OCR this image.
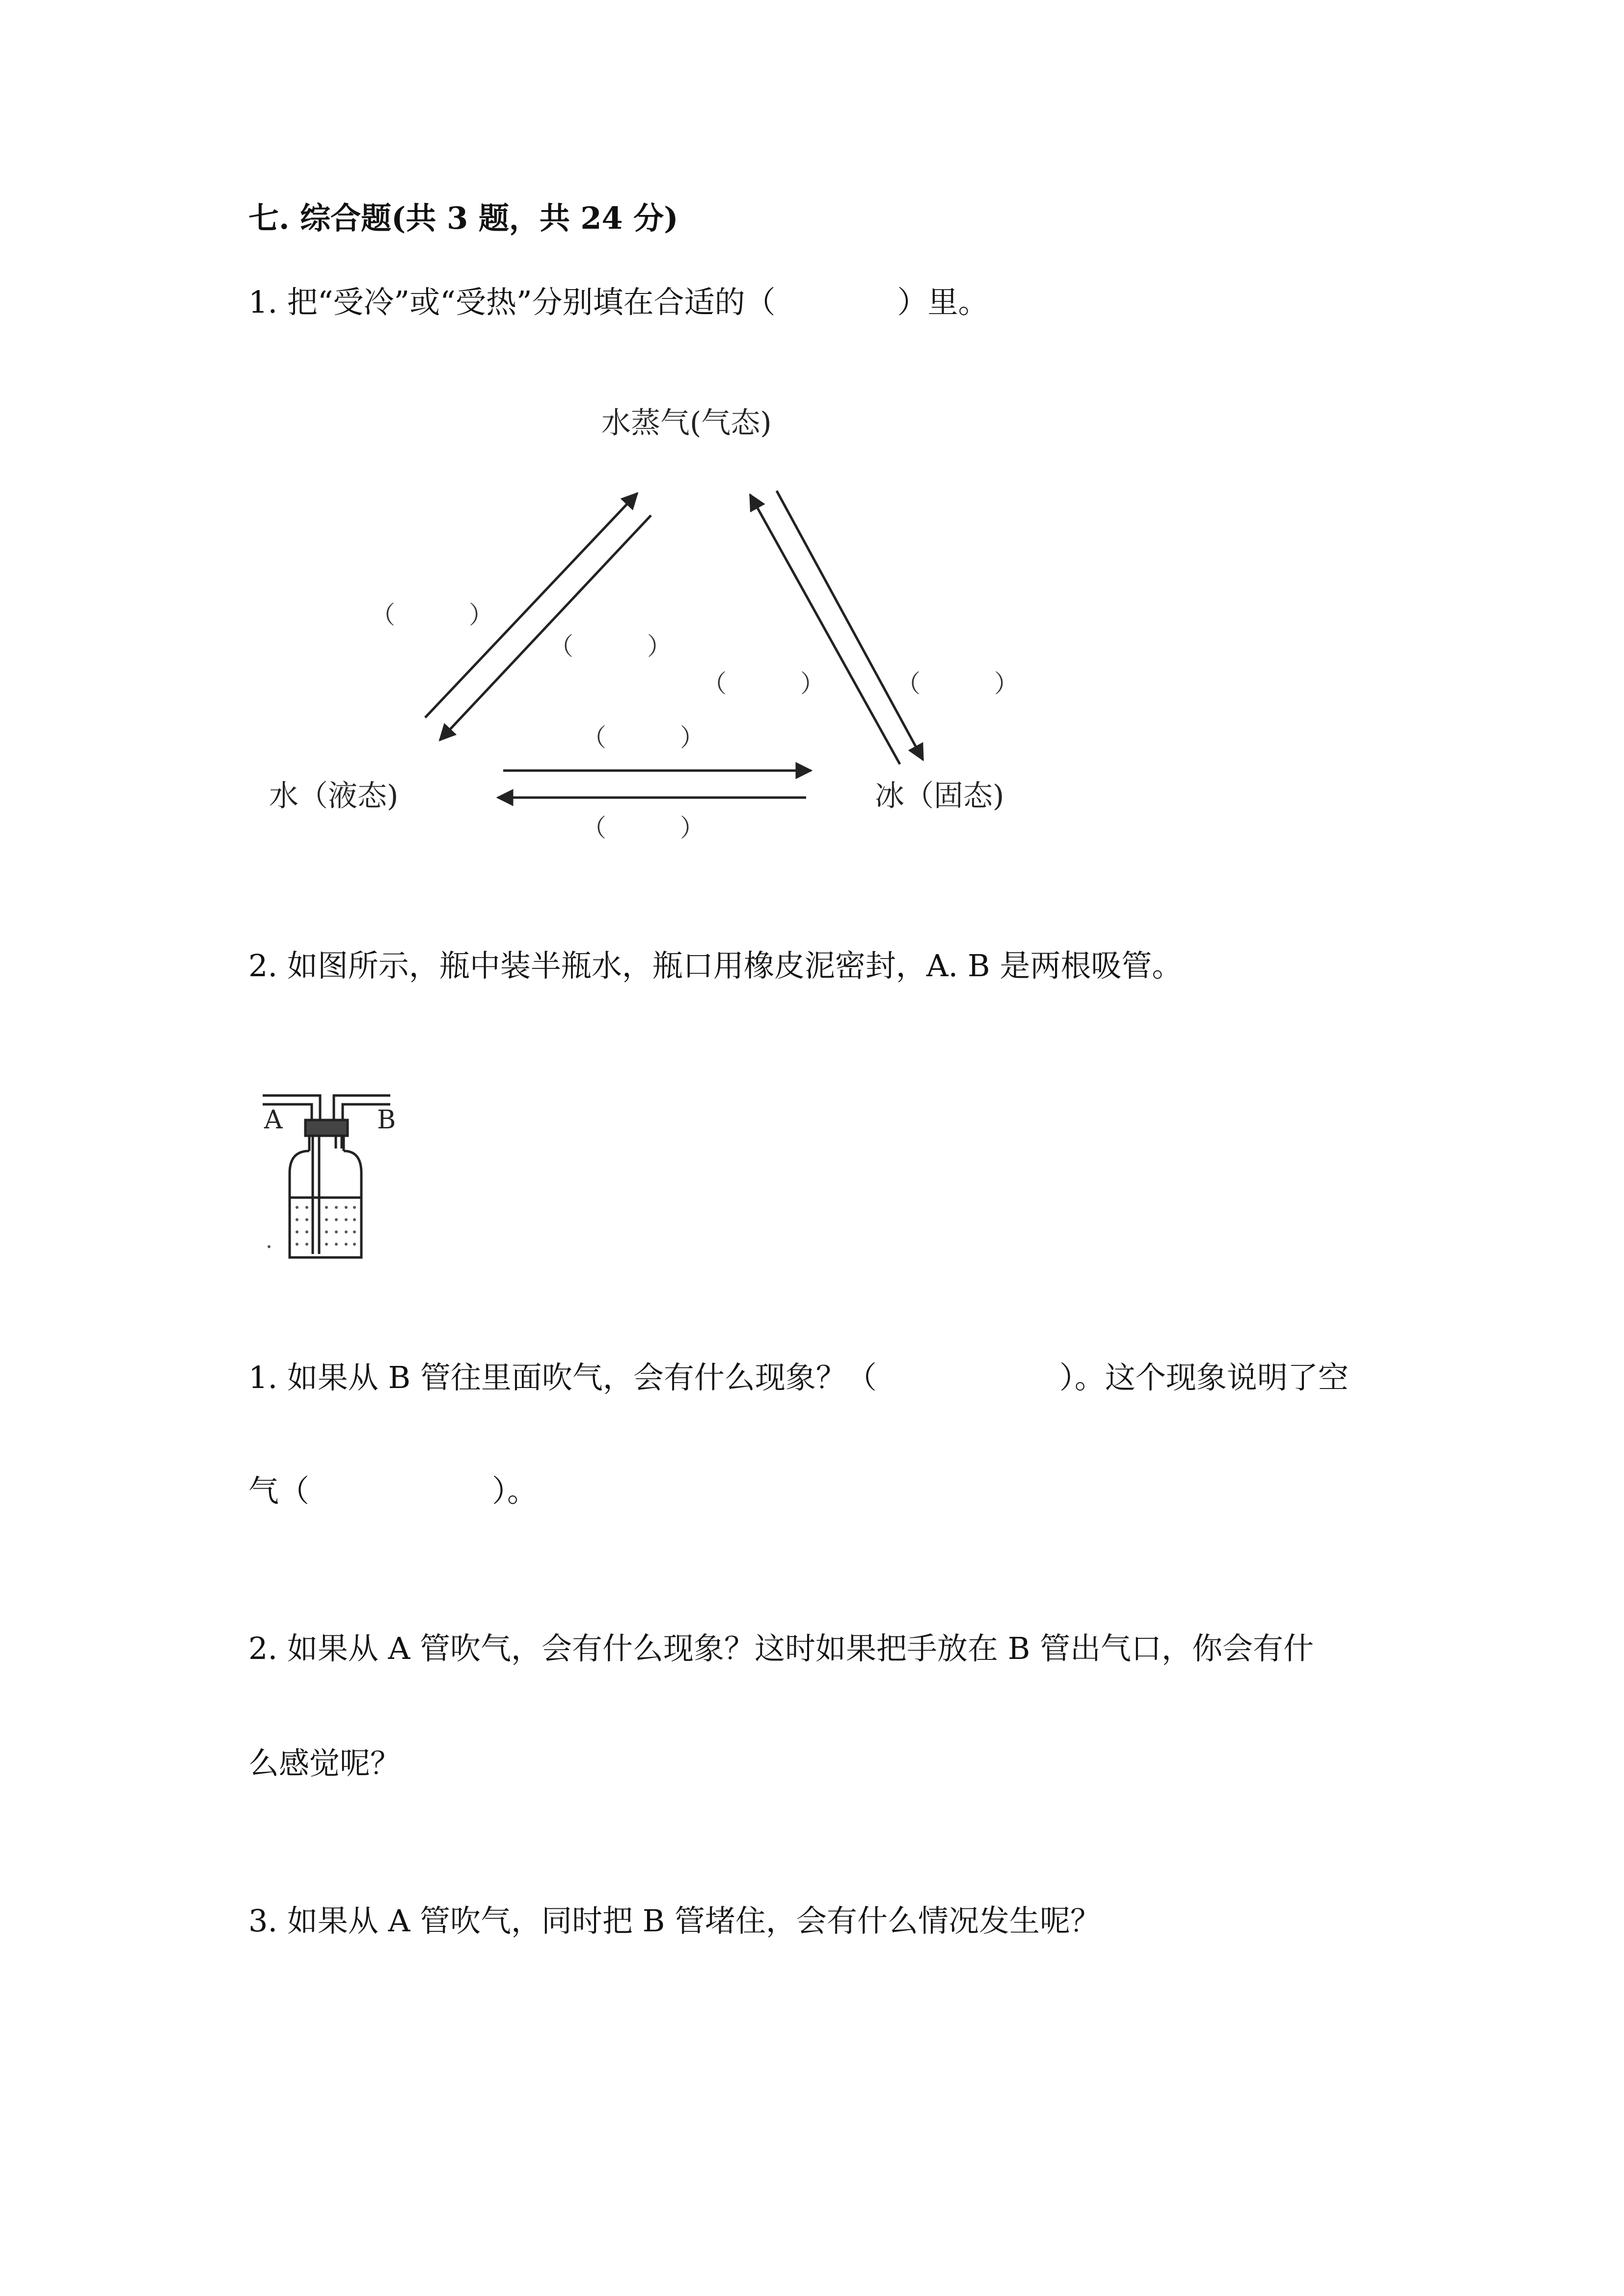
七. 综合题(共 3 题，共 24 分)
1. 把“受冷”或“受热”分别填在合适的（　　　　）里。
水蒸气(气态)
水（液态)	冰（固态)
（　　　）
（　　　）
（　　　）	（　　　）
（　　　）
（　　　）
2. 如图所示，瓶中装半瓶水，瓶口用橡皮泥密封，A. B 是两根吸管。
A	B
1. 如果从 B 管往里面吹气，会有什么现象？（　　　　　　）。这个现象说明了空
气（　　　　　　）。
2. 如果从 A 管吹气，会有什么现象？这时如果把手放在 B 管出气口，你会有什
么感觉呢？
3. 如果从 A 管吹气，同时把 B 管堵住，会有什么情况发生呢？
